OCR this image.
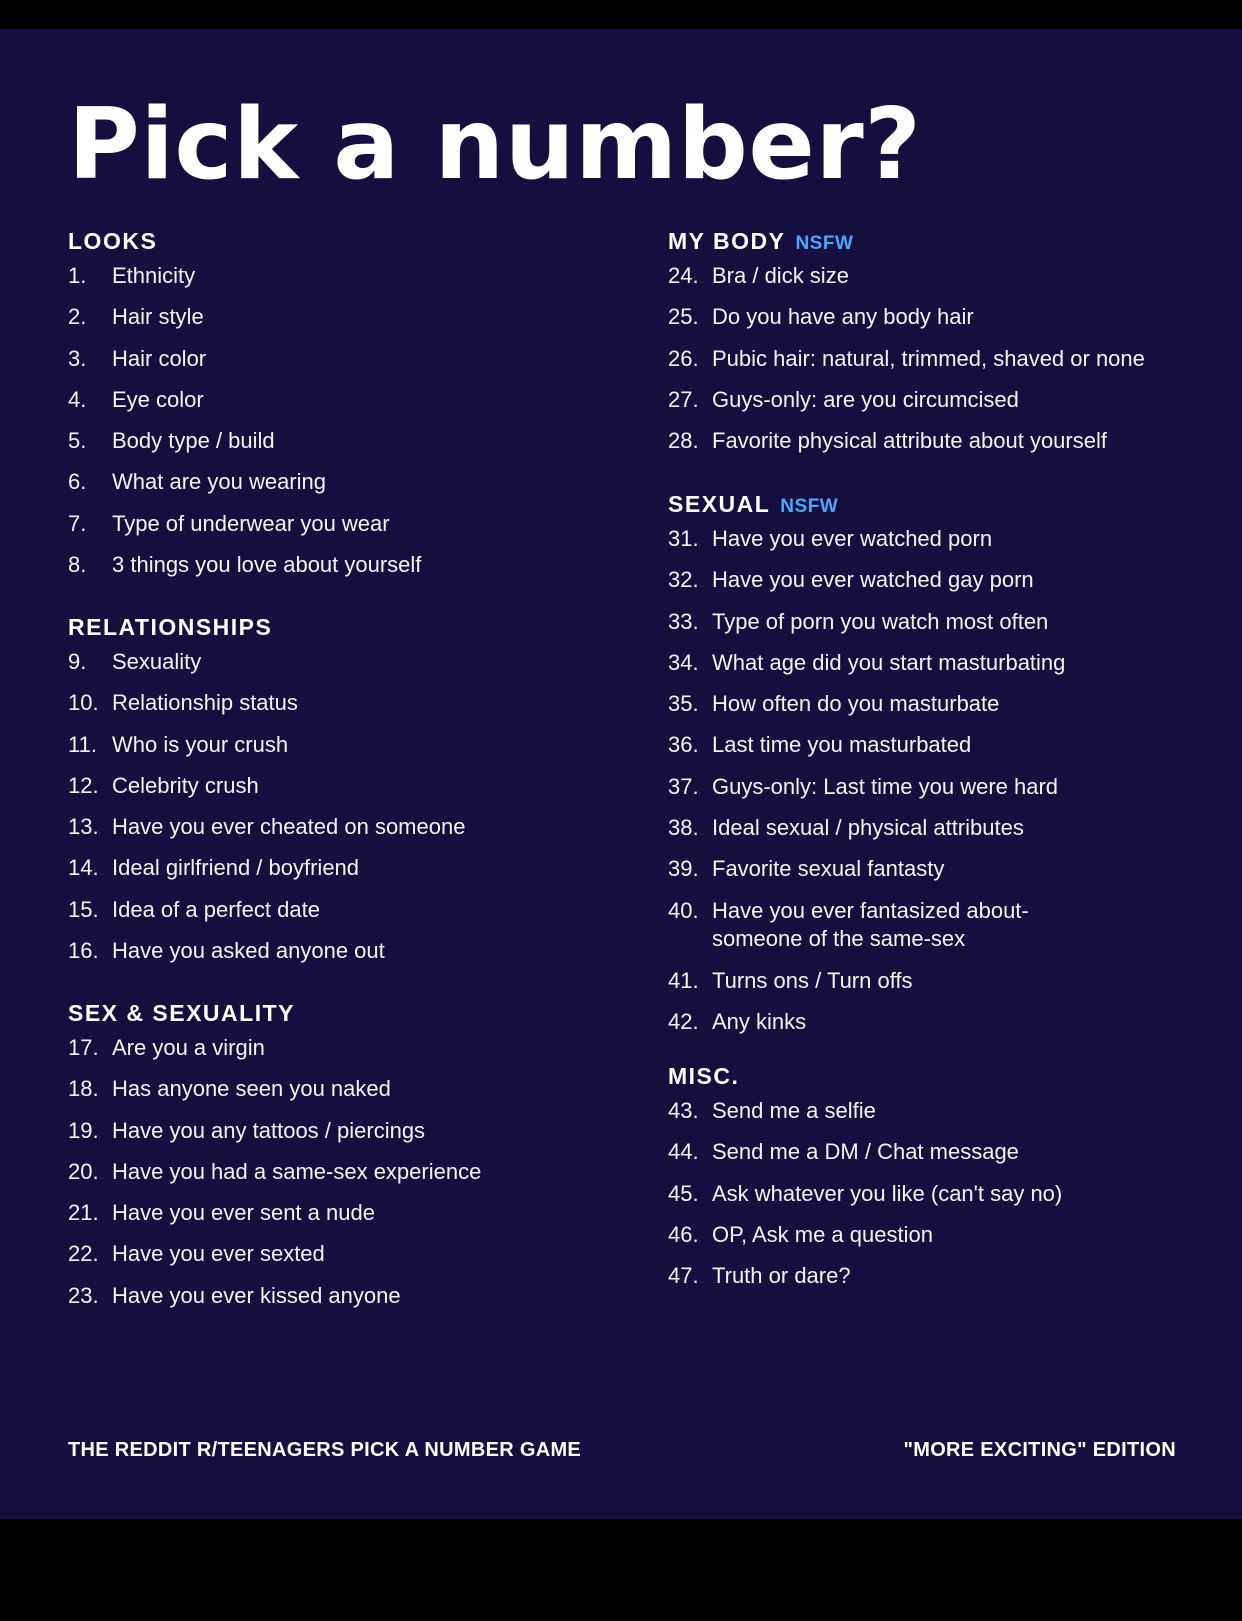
Pick a number?
LOOKS
1.	Ethnicity
2.	Hair style
3.	Hair color
4.	Eye color
5.	Body type / build
6.	What are you wearing
7.	Type of underwear you wear
8.	3 things you love about yourself
RELATIONSHIPS
9.	Sexuality
10. Relationship status
11. Who is your crush
12. Celebrity crush
13. Have you ever cheated on someone
14. Ideal girlfriend / boyfriend
15. Idea of a perfect date
16. Have you asked anyone out
SEX & SEXUALITY
17. Are you a virgin
18. Has anyone seen you naked
19. Have you any tattoos / piercings
20. Have you had a same-sex experience
21. Have you ever sent a nude
22. Have you ever sexted
23. Have you ever kissed anyone
MY BODY NSFW
24. Bra / dick size
25. Do you have any body hair
26. Pubic hair: natural, trimmed, shaved or none
27. Guys-only: are you circumcised
28. Favorite physical attribute about yourself
SEXUAL NSFW
31. Have you ever watched porn
32. Have you ever watched gay porn
33. Type of porn you watch most often
34. What age did you start masturbating
35. How often do you masturbate
36. Last time you masturbated
37. Guys-only: Last time you were hard
38. Ideal sexual / physical attributes
39. Favorite sexual fantasty
40. Have you ever fantasized about-
someone of the same-sex
41. Turns ons / Turn offs
42. Any kinks
MISC.
43. Send me a selfie
44. Send me a DM / Chat message
45. Ask whatever you like (can't say no)
46. OP, Ask me a question
47. Truth or dare?
THE REDDIT R/TEENAGERS PICK A NUMBER GAME	"MORE EXCITING" EDITION
